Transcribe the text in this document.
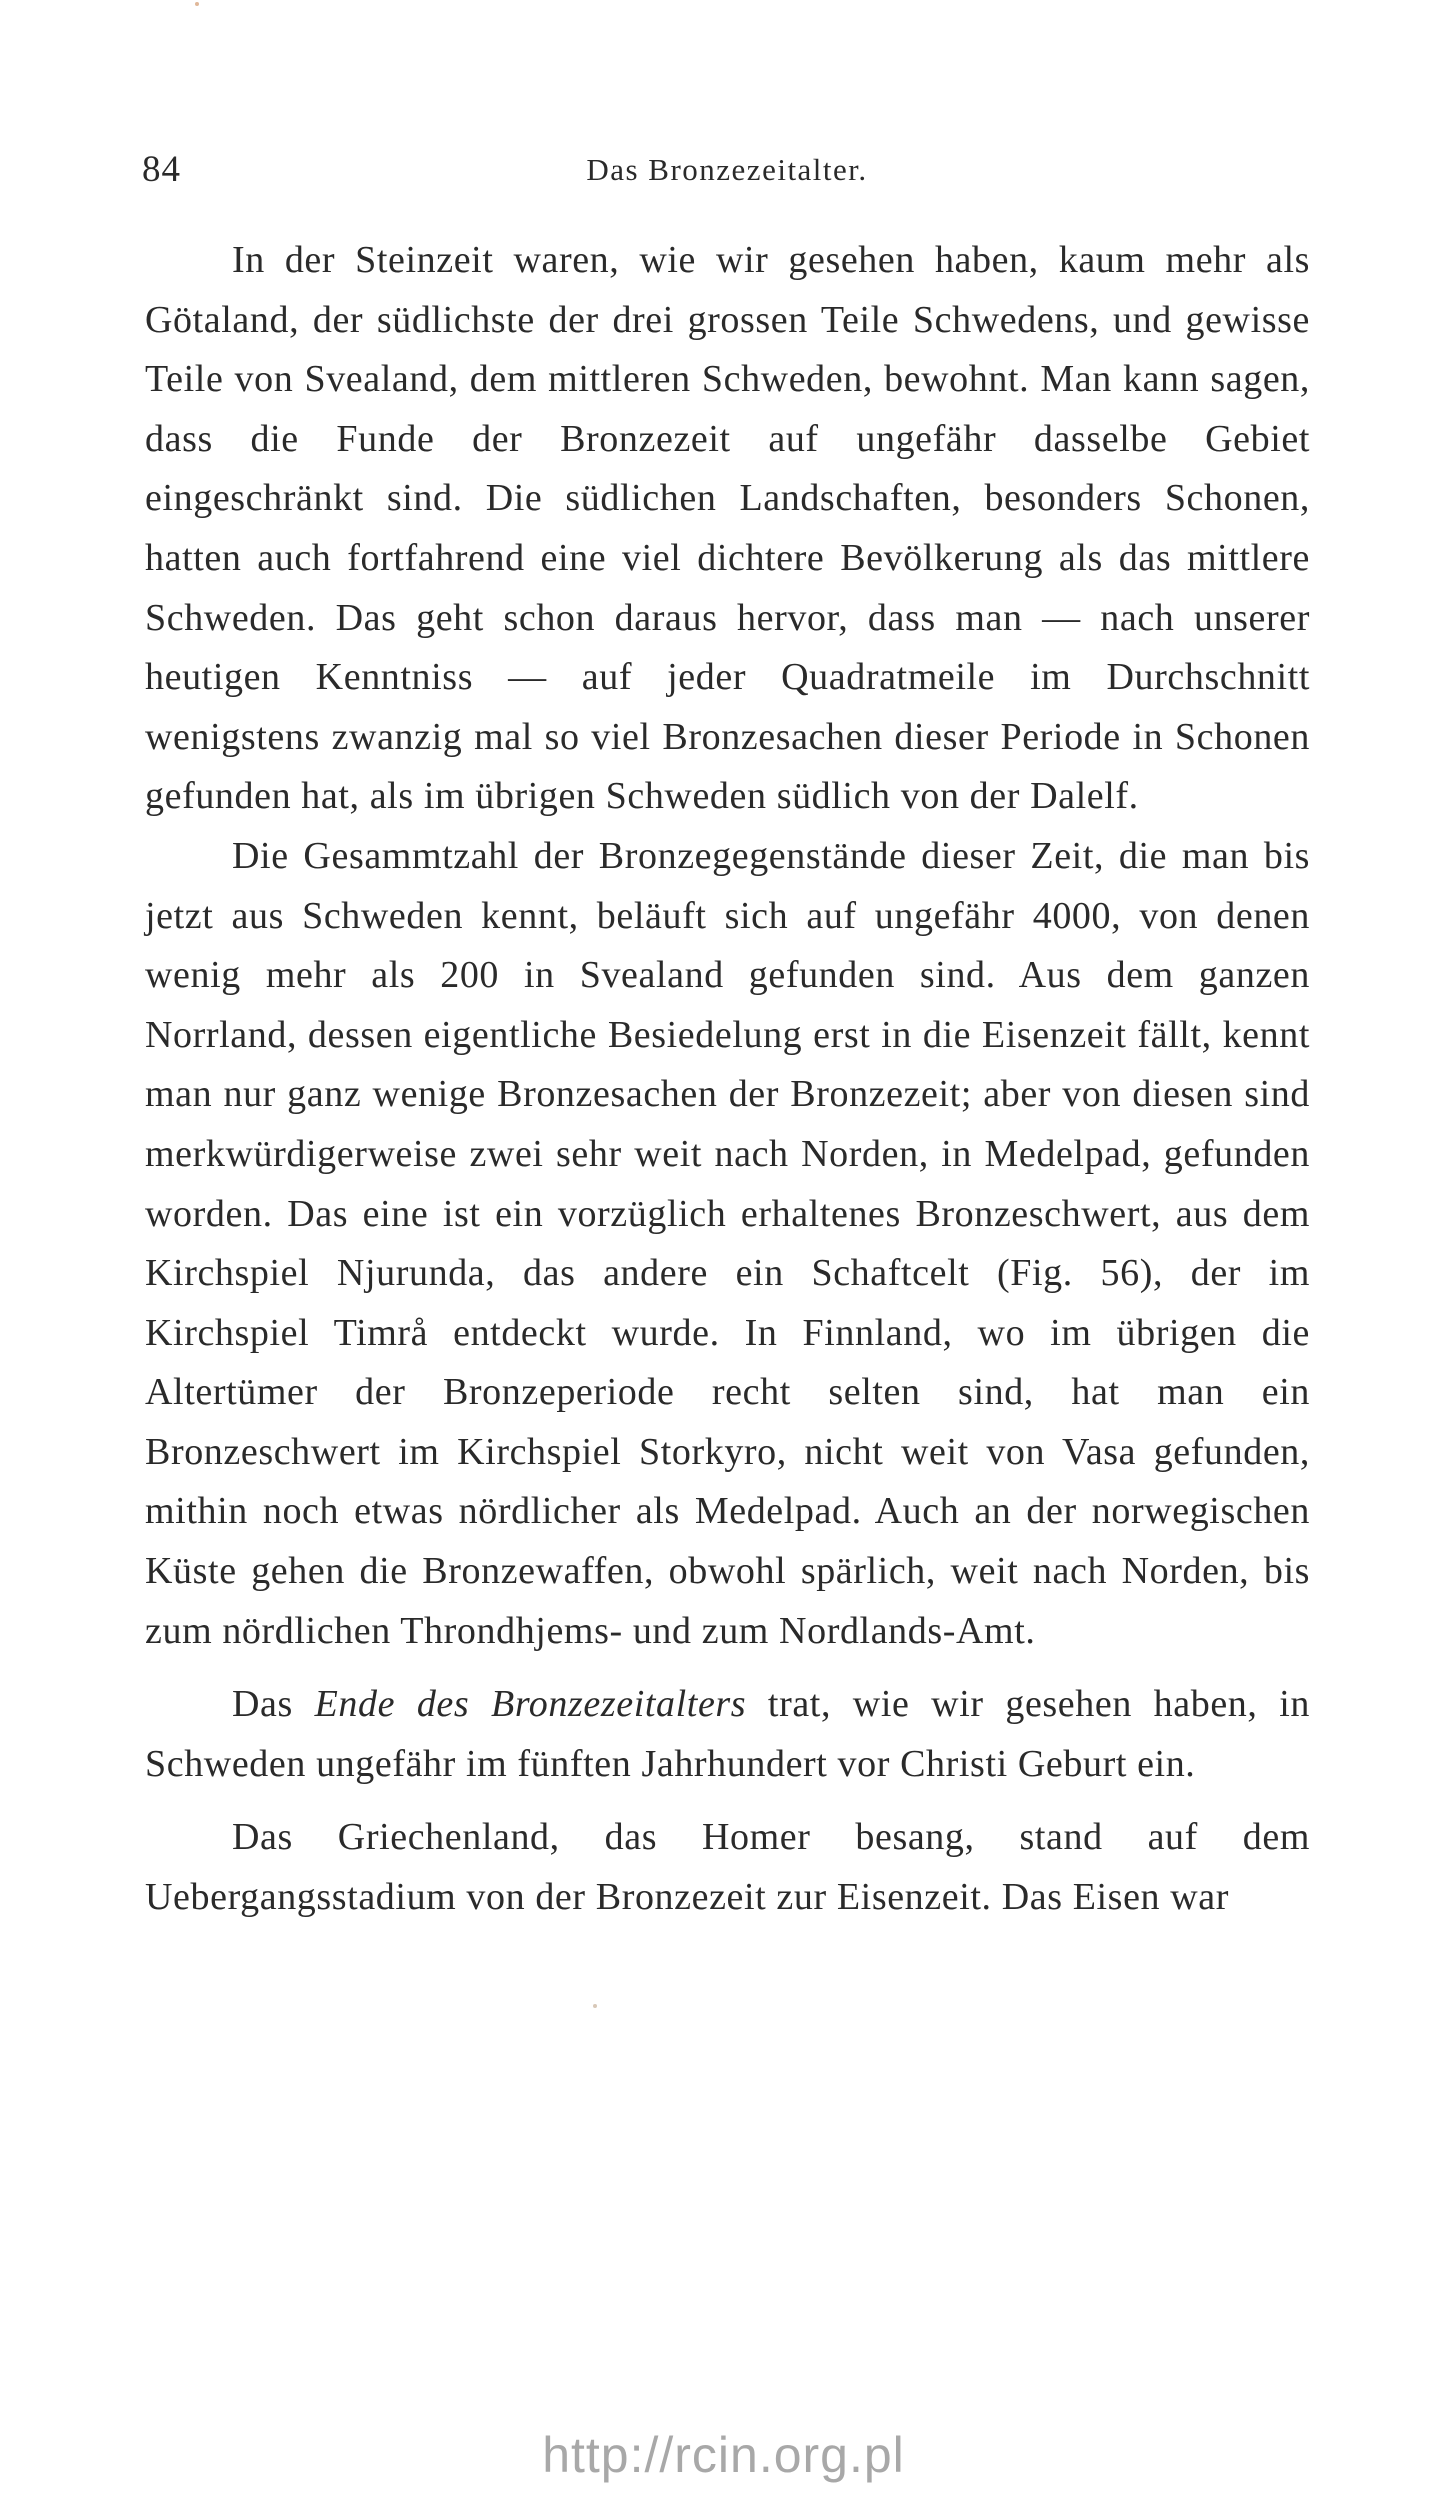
84	Das Bronzezeitalter.

In der Steinzeit waren, wie wir gesehen haben, kaum mehr als Götaland, der südlichste der drei grossen Teile Schwedens, und gewisse Teile von Svealand, dem mittleren Schweden, bewohnt. Man kann sagen, dass die Funde der Bronzezeit auf ungefähr dasselbe Gebiet eingeschränkt sind. Die südlichen Landschaften, besonders Schonen, hatten auch fortfahrend eine viel dichtere Bevölkerung als das mittlere Schweden. Das geht schon daraus hervor, dass man — nach unserer heutigen Kenntniss — auf jeder Quadratmeile im Durchschnitt wenigstens zwanzig mal so viel Bronzesachen dieser Periode in Schonen gefunden hat, als im übrigen Schweden südlich von der Dalelf.

Die Gesammtzahl der Bronzegegenstände dieser Zeit, die man bis jetzt aus Schweden kennt, beläuft sich auf ungefähr 4000, von denen wenig mehr als 200 in Svealand gefunden sind. Aus dem ganzen Norrland, dessen eigentliche Besiedelung erst in die Eisenzeit fällt, kennt man nur ganz wenige Bronzesachen der Bronzezeit; aber von diesen sind merkwürdigerweise zwei sehr weit nach Norden, in Medelpad, gefunden worden. Das eine ist ein vorzüglich erhaltenes Bronzeschwert, aus dem Kirchspiel Njurunda, das andere ein Schaftcelt (Fig. 56), der im Kirchspiel Timrå entdeckt wurde. In Finnland, wo im übrigen die Altertümer der Bronzeperiode recht selten sind, hat man ein Bronzeschwert im Kirchspiel Storkyro, nicht weit von Vasa gefunden, mithin noch etwas nördlicher als Medelpad. Auch an der norwegischen Küste gehen die Bronzewaffen, obwohl spärlich, weit nach Norden, bis zum nördlichen Throndhjems- und zum Nordlands-Amt.

Das Ende des Bronzezeitalters trat, wie wir gesehen haben, in Schweden ungefähr im fünften Jahrhundert vor Christi Geburt ein.

Das Griechenland, das Homer besang, stand auf dem Uebergangsstadium von der Bronzezeit zur Eisenzeit. Das Eisen war

http://rcin.org.pl
